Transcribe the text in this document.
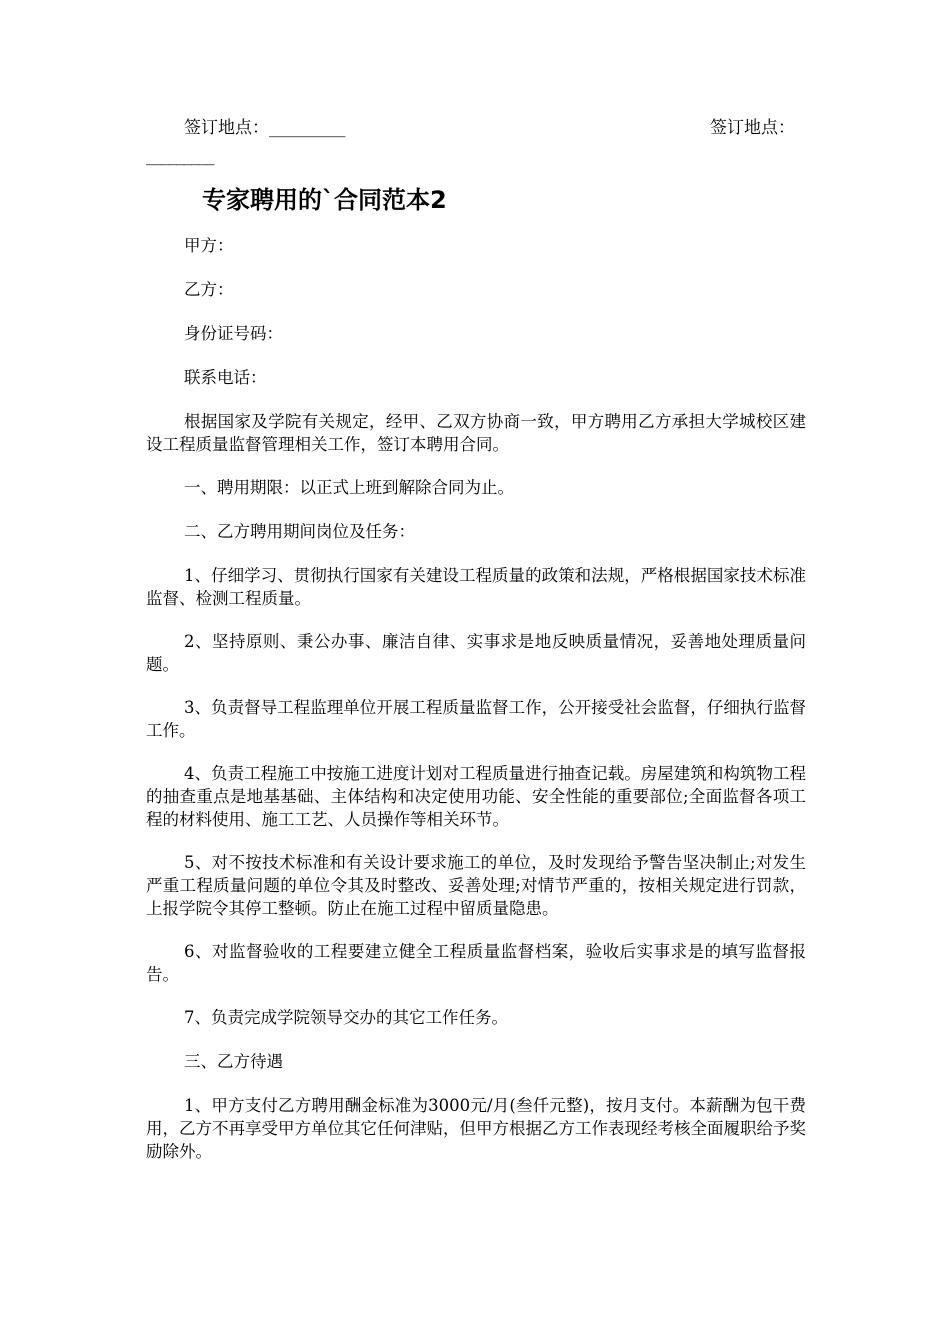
签订地点：_________	签订地点：
_________
专家聘用的`合同范本2

甲方：

乙方：

身份证号码：

联系电话：

根据国家及学院有关规定，经甲、乙双方协商一致，甲方聘用乙方承担大学城校区建设工程质量监督管理相关工作，签订本聘用合同。

一、聘用期限：以正式上班到解除合同为止。

二、乙方聘用期间岗位及任务：

1、仔细学习、贯彻执行国家有关建设工程质量的政策和法规，严格根据国家技术标准监督、检测工程质量。

2、坚持原则、秉公办事、廉洁自律、实事求是地反映质量情况，妥善地处理质量问题。

3、负责督导工程监理单位开展工程质量监督工作，公开接受社会监督，仔细执行监督工作。

4、负责工程施工中按施工进度计划对工程质量进行抽查记载。房屋建筑和构筑物工程的抽查重点是地基基础、主体结构和决定使用功能、安全性能的重要部位;全面监督各项工程的材料使用、施工工艺、人员操作等相关环节。

5、对不按技术标准和有关设计要求施工的单位，及时发现给予警告坚决制止;对发生严重工程质量问题的单位令其及时整改、妥善处理;对情节严重的，按相关规定进行罚款，上报学院令其停工整顿。防止在施工过程中留质量隐患。

6、对监督验收的工程要建立健全工程质量监督档案，验收后实事求是的填写监督报告。

7、负责完成学院领导交办的其它工作任务。

三、乙方待遇

1、甲方支付乙方聘用酬金标准为3000元/月(叁仟元整)，按月支付。本薪酬为包干费用，乙方不再享受甲方单位其它任何津贴，但甲方根据乙方工作表现经考核全面履职给予奖励除外。
